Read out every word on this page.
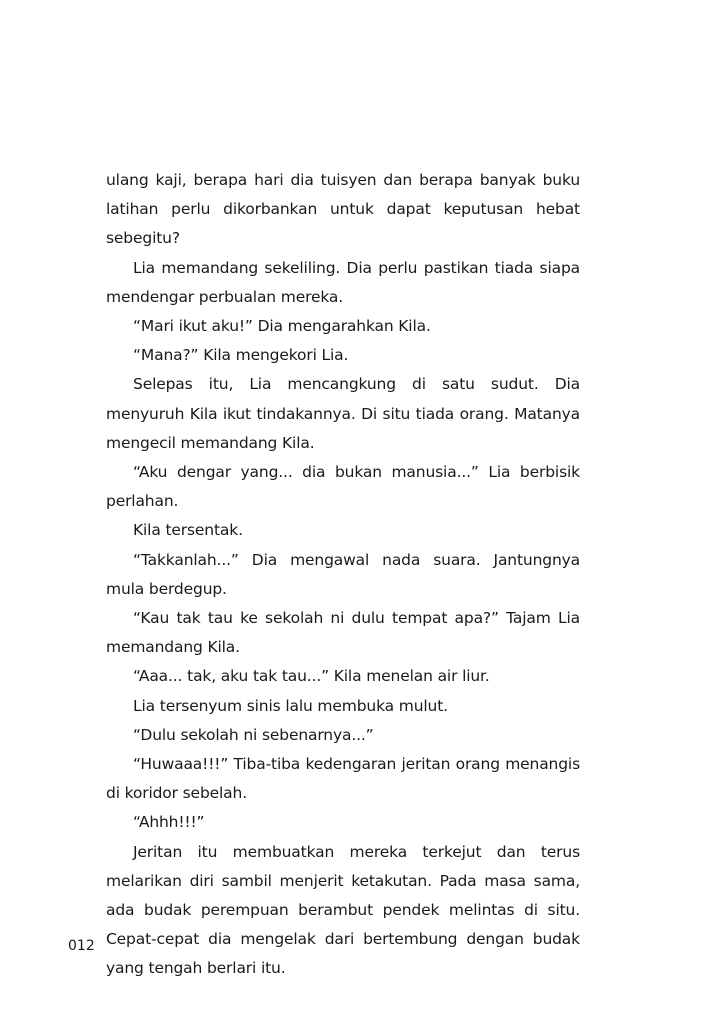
ulang kaji, berapa hari dia tuisyen dan berapa banyak buku latihan perlu dikorbankan untuk dapat keputusan hebat sebegitu?

Lia memandang sekeliling. Dia perlu pastikan tiada siapa mendengar perbualan mereka.

“Mari ikut aku!” Dia mengarahkan Kila.

“Mana?” Kila mengekori Lia.

Selepas itu, Lia mencangkung di satu sudut. Dia menyuruh Kila ikut tindakannya. Di situ tiada orang. Matanya mengecil memandang Kila.

“Aku dengar yang... dia bukan manusia...” Lia berbisik perlahan.

Kila tersentak.

“Takkanlah...” Dia mengawal nada suara. Jantungnya mula berdegup.

“Kau tak tau ke sekolah ni dulu tempat apa?” Tajam Lia memandang Kila.

“Aaa... tak, aku tak tau...” Kila menelan air liur.

Lia tersenyum sinis lalu membuka mulut.

“Dulu sekolah ni sebenarnya...”

“Huwaaa!!!” Tiba-tiba kedengaran jeritan orang menangis di koridor sebelah.

“Ahhh!!!”

Jeritan itu membuatkan mereka terkejut dan terus melarikan diri sambil menjerit ketakutan. Pada masa sama, ada budak perempuan berambut pendek melintas di situ. Cepat-cepat dia mengelak dari bertembung dengan budak yang tengah berlari itu.

012
